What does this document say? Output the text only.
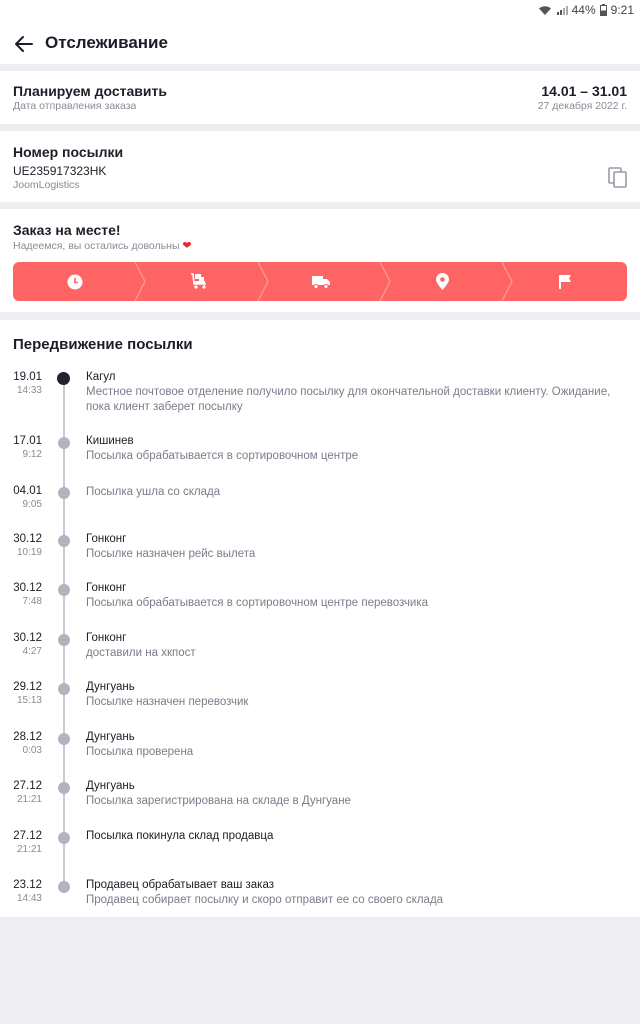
44% 9:21
Отслеживание
Планируем доставить
Дата отправления заказа
14.01 – 31.01
27 декабря 2022 г.
Номер посылки
UE235917323HK
JoomLogistics
Заказ на месте!
Надеемся, вы остались довольны ❤
Передвижение посылки
19.01
14:33
Кагул
Местное почтовое отделение получило посылку для окончательной доставки клиенту. Ожидание, пока клиент заберет посылку
17.01
9:12
Кишинев
Посылка обрабатывается в сортировочном центре
04.01
9:05
Посылка ушла со склада
30.12
10:19
Гонконг
Посылке назначен рейс вылета
30.12
7:48
Гонконг
Посылка обрабатывается в сортировочном центре перевозчика
30.12
4:27
Гонконг
доставили на хкпост
29.12
15:13
Дунгуань
Посылке назначен перевозчик
28.12
0:03
Дунгуань
Посылка проверена
27.12
21:21
Дунгуань
Посылка зарегистрирована на складе в Дунгуане
27.12
21:21
Посылка покинула склад продавца
23.12
14:43
Продавец обрабатывает ваш заказ
Продавец собирает посылку и скоро отправит ее со своего склада
